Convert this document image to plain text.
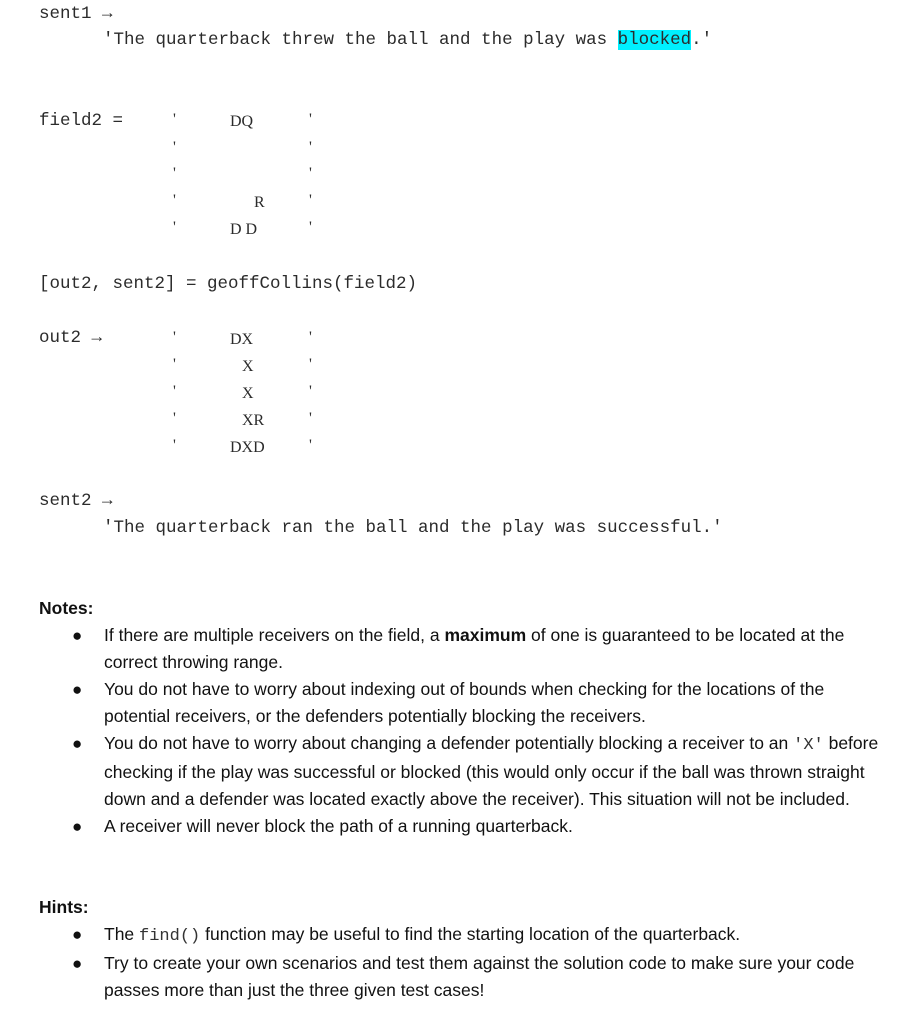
sent1 →
'The quarterback threw the ball and the play was blocked.'
field2 =	'	DQ	'
'	'
'	'
'	R	'
'	D D	'
[out2, sent2] = geoffCollins(field2)
out2 →	'	DX	'
'	X	'
'	X	'
'	XR	'
'	DXD	'
sent2 →
'The quarterback ran the ball and the play was successful.'
Notes:
● If there are multiple receivers on the field, a maximum of one is guaranteed to be located at the correct throwing range.
● You do not have to worry about indexing out of bounds when checking for the locations of the potential receivers, or the defenders potentially blocking the receivers.
● You do not have to worry about changing a defender potentially blocking a receiver to an 'X' before checking if the play was successful or blocked (this would only occur if the ball was thrown straight down and a defender was located exactly above the receiver). This situation will not be included.
● A receiver will never block the path of a running quarterback.
Hints:
● The find() function may be useful to find the starting location of the quarterback.
● Try to create your own scenarios and test them against the solution code to make sure your code passes more than just the three given test cases!
